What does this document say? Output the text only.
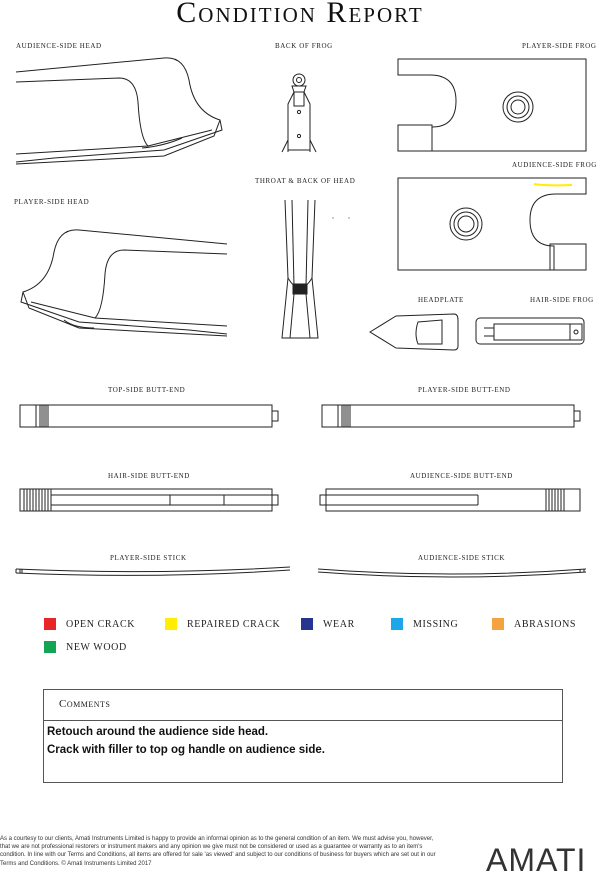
Condition Report
AUDIENCE-SIDE HEAD	BACK OF FROG	PLAYER-SIDE FROG
AUDIENCE-SIDE FROG
PLAYER-SIDE HEAD
THROAT & BACK OF HEAD
HEADPLATE	HAIR-SIDE FROG
TOP-SIDE BUTT-END	PLAYER-SIDE BUTT-END
HAIR-SIDE BUTT-END	AUDIENCE-SIDE BUTT-END
PLAYER-SIDE STICK	AUDIENCE-SIDE STICK
OPEN CRACK	REPAIRED CRACK	WEAR	MISSING	ABRASIONS
NEW WOOD
Comments
Retouch around the audience side head.
Crack with filler to top og handle on audience side.
As a courtesy to our clients, Amati Instruments Limited is happy to provide an informal opinion as to the general condition of an item. We must advise you, however, that we are not professional restorers or instrument makers and any opinion we give must not be considered or used as a guarantee or warranty as to an item's condition. In line with our Terms and Conditions, all items are offered for sale 'as viewed' and subject to our conditions of business for buyers which are set out in our Terms and Conditions. © Amati Instruments Limited 2017	AMATI
